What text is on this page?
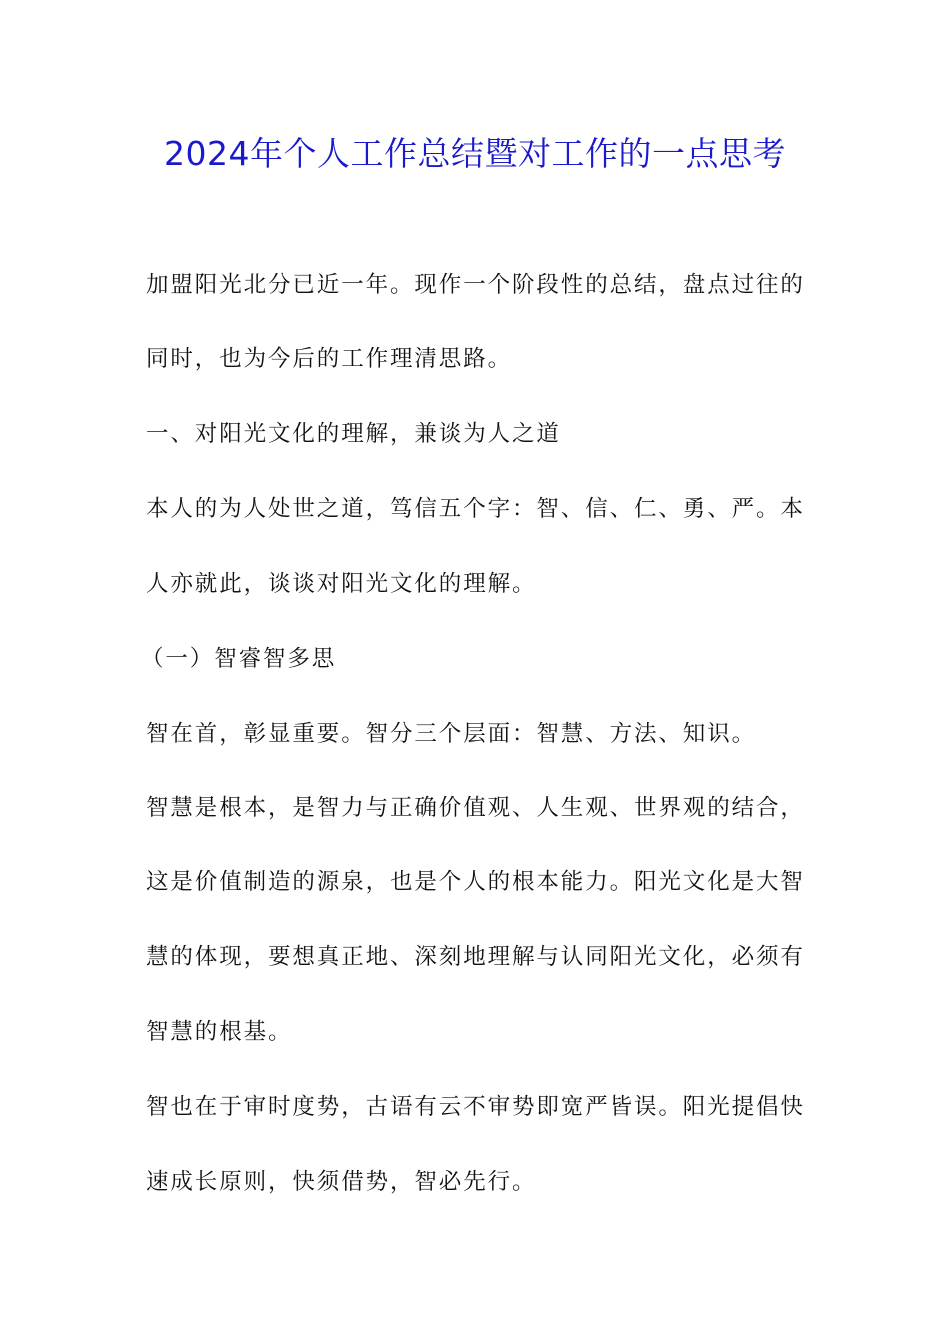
2024年个人工作总结暨对工作的一点思考
加盟阳光北分已近一年。现作一个阶段性的总结，盘点过往的
同时，也为今后的工作理清思路。
一、对阳光文化的理解，兼谈为人之道
本人的为人处世之道，笃信五个字：智、信、仁、勇、严。本
人亦就此，谈谈对阳光文化的理解。
（一）智睿智多思
智在首，彰显重要。智分三个层面：智慧、方法、知识。
智慧是根本，是智力与正确价值观、人生观、世界观的结合，
这是价值制造的源泉，也是个人的根本能力。阳光文化是大智
慧的体现，要想真正地、深刻地理解与认同阳光文化，必须有
智慧的根基。
智也在于审时度势，古语有云不审势即宽严皆误。阳光提倡快
速成长原则，快须借势，智必先行。
